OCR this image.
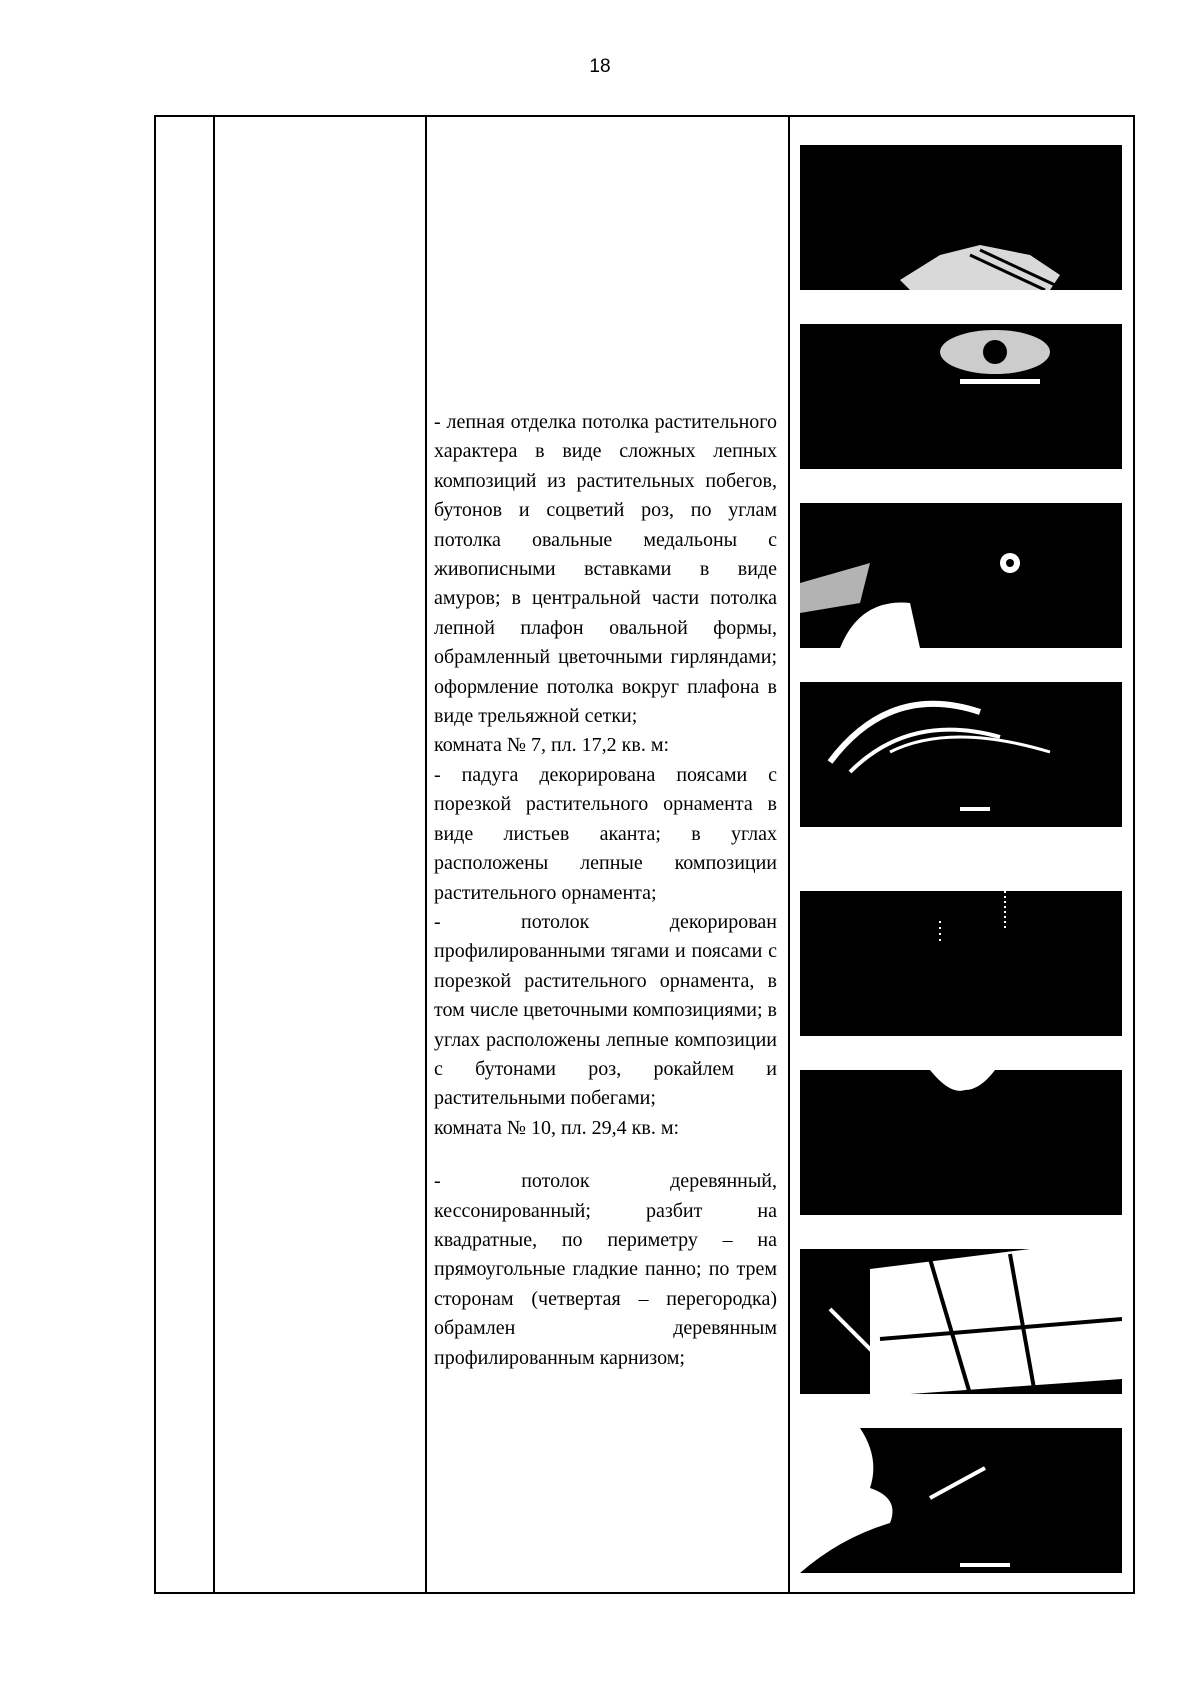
18

- лепная отделка потолка растительного характера в виде сложных лепных композиций из растительных побегов, бутонов и соцветий роз, по углам потолка овальные медальоны с живописными вставками в виде амуров; в центральной части потолка лепной плафон овальной формы, обрамленный цветочными гирляндами; оформление потолка вокруг плафона в виде трельяжной сетки;

комната № 7, пл. 17,2 кв. м:

- падуга декорирована поясами с порезкой растительного орнамента в виде листьев аканта; в углах расположены лепные композиции растительного орнамента;

- потолок декорирован профилированными тягами и поясами с порезкой растительного орнамента, в том числе цветочными композициями; в углах расположены лепные композиции с бутонами роз, рокайлем и растительными побегами;

комната № 10, пл. 29,4 кв. м:

- потолок деревянный, кессонированный; разбит на квадратные, по периметру – на прямоугольные гладкие панно; по трем сторонам (четвертая – перегородка) обрамлен деревянным профилированным карнизом;
